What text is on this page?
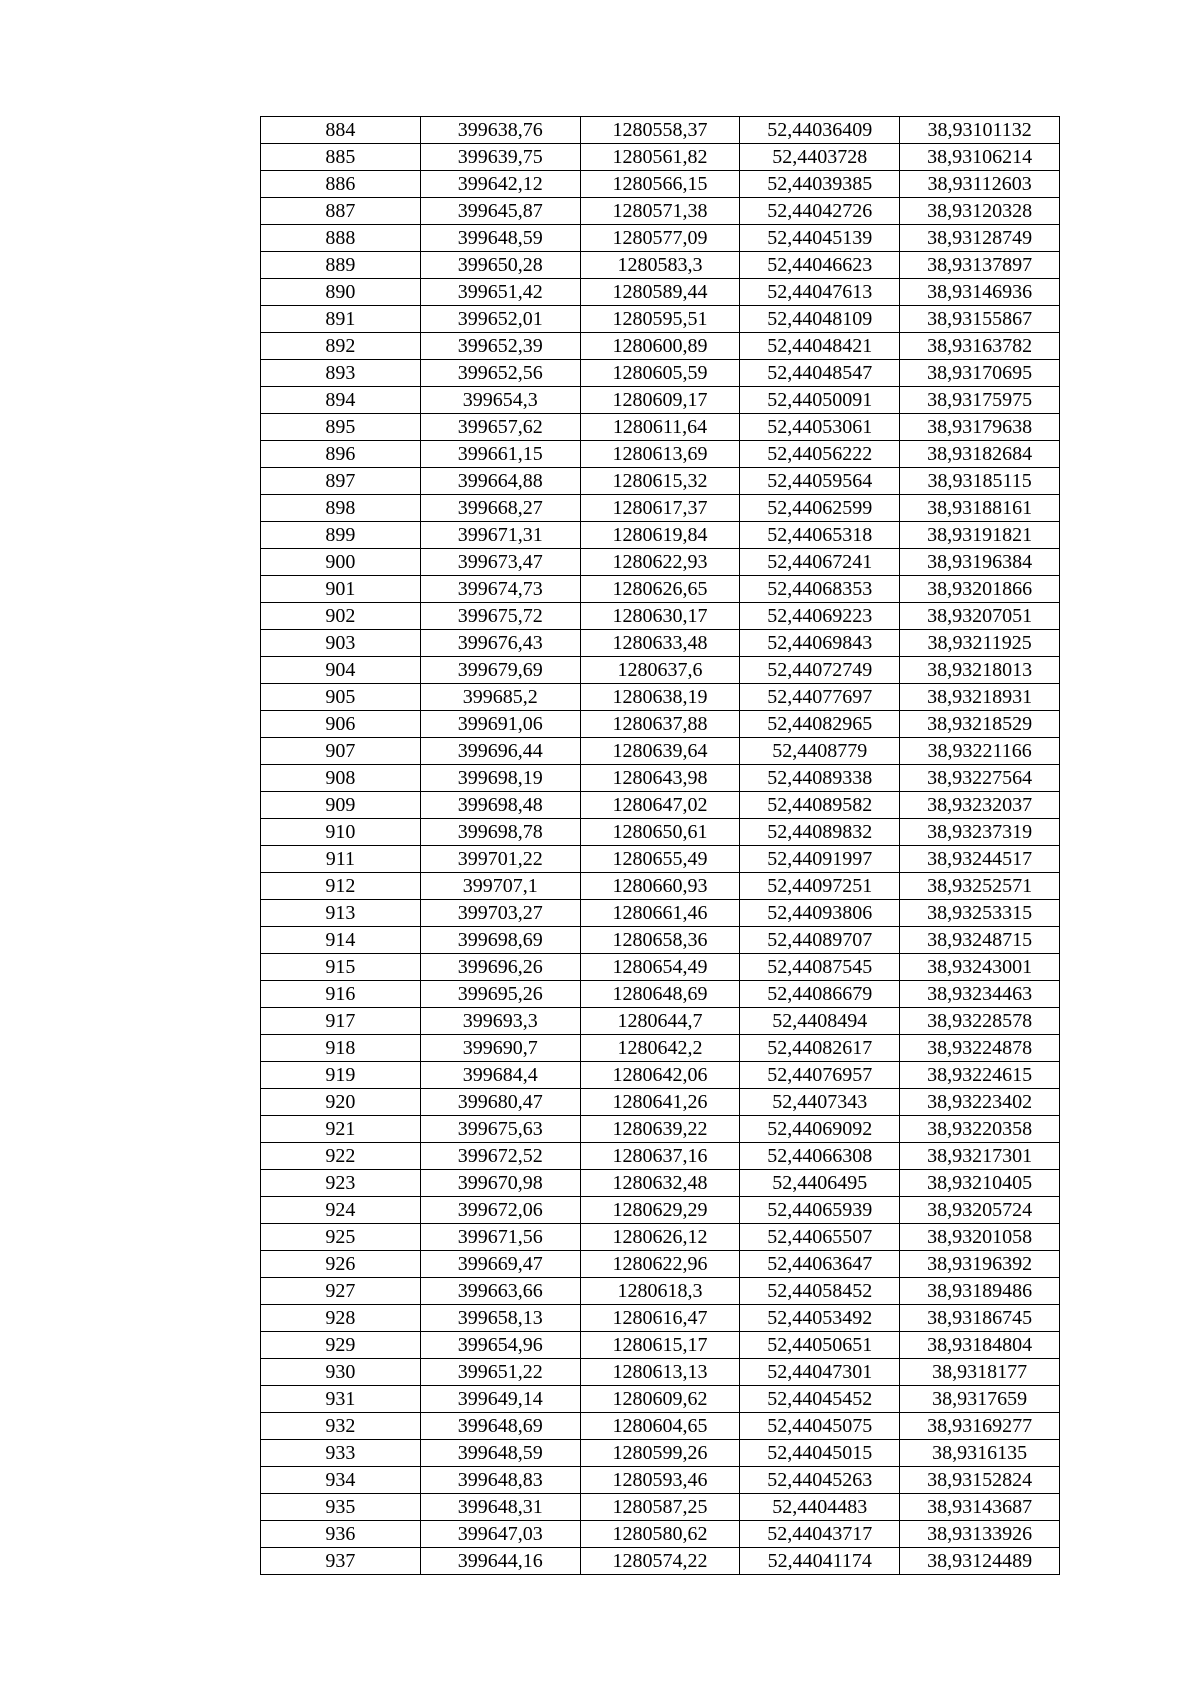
884	399638,76	1280558,37	52,44036409	38,93101132
885	399639,75	1280561,82	52,4403728	38,93106214
886	399642,12	1280566,15	52,44039385	38,93112603
887	399645,87	1280571,38	52,44042726	38,93120328
888	399648,59	1280577,09	52,44045139	38,93128749
889	399650,28	1280583,3	52,44046623	38,93137897
890	399651,42	1280589,44	52,44047613	38,93146936
891	399652,01	1280595,51	52,44048109	38,93155867
892	399652,39	1280600,89	52,44048421	38,93163782
893	399652,56	1280605,59	52,44048547	38,93170695
894	399654,3	1280609,17	52,44050091	38,93175975
895	399657,62	1280611,64	52,44053061	38,93179638
896	399661,15	1280613,69	52,44056222	38,93182684
897	399664,88	1280615,32	52,44059564	38,93185115
898	399668,27	1280617,37	52,44062599	38,93188161
899	399671,31	1280619,84	52,44065318	38,93191821
900	399673,47	1280622,93	52,44067241	38,93196384
901	399674,73	1280626,65	52,44068353	38,93201866
902	399675,72	1280630,17	52,44069223	38,93207051
903	399676,43	1280633,48	52,44069843	38,93211925
904	399679,69	1280637,6	52,44072749	38,93218013
905	399685,2	1280638,19	52,44077697	38,93218931
906	399691,06	1280637,88	52,44082965	38,93218529
907	399696,44	1280639,64	52,4408779	38,93221166
908	399698,19	1280643,98	52,44089338	38,93227564
909	399698,48	1280647,02	52,44089582	38,93232037
910	399698,78	1280650,61	52,44089832	38,93237319
911	399701,22	1280655,49	52,44091997	38,93244517
912	399707,1	1280660,93	52,44097251	38,93252571
913	399703,27	1280661,46	52,44093806	38,93253315
914	399698,69	1280658,36	52,44089707	38,93248715
915	399696,26	1280654,49	52,44087545	38,93243001
916	399695,26	1280648,69	52,44086679	38,93234463
917	399693,3	1280644,7	52,4408494	38,93228578
918	399690,7	1280642,2	52,44082617	38,93224878
919	399684,4	1280642,06	52,44076957	38,93224615
920	399680,47	1280641,26	52,4407343	38,93223402
921	399675,63	1280639,22	52,44069092	38,93220358
922	399672,52	1280637,16	52,44066308	38,93217301
923	399670,98	1280632,48	52,4406495	38,93210405
924	399672,06	1280629,29	52,44065939	38,93205724
925	399671,56	1280626,12	52,44065507	38,93201058
926	399669,47	1280622,96	52,44063647	38,93196392
927	399663,66	1280618,3	52,44058452	38,93189486
928	399658,13	1280616,47	52,44053492	38,93186745
929	399654,96	1280615,17	52,44050651	38,93184804
930	399651,22	1280613,13	52,44047301	38,9318177
931	399649,14	1280609,62	52,44045452	38,9317659
932	399648,69	1280604,65	52,44045075	38,93169277
933	399648,59	1280599,26	52,44045015	38,9316135
934	399648,83	1280593,46	52,44045263	38,93152824
935	399648,31	1280587,25	52,4404483	38,93143687
936	399647,03	1280580,62	52,44043717	38,93133926
937	399644,16	1280574,22	52,44041174	38,93124489
